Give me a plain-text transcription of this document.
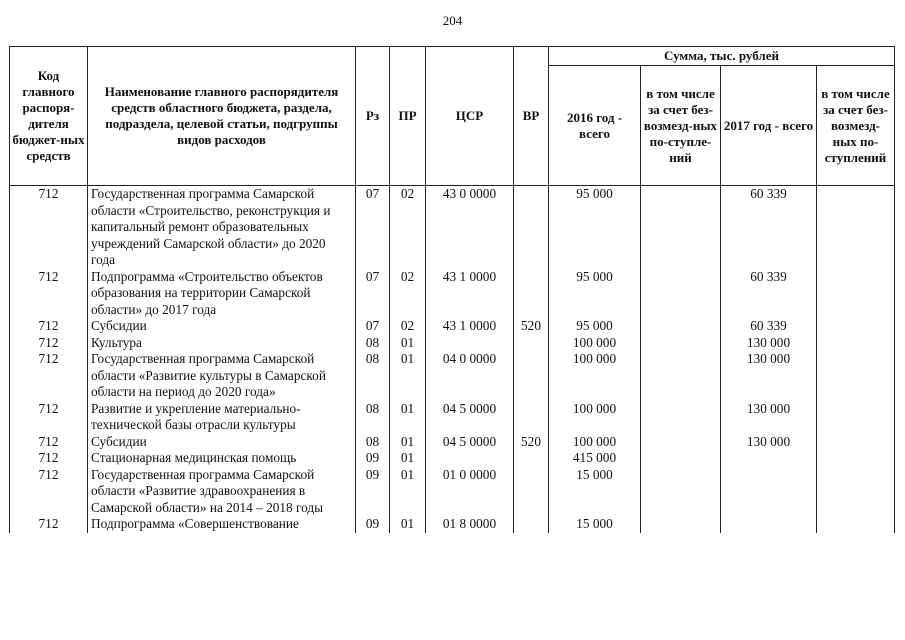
204
Код главного распоря-дителя бюджет-ных средств	Наименование главного распорядителя средств областного бюджета, раздела, подраздела, целевой статьи, подгруппы видов расходов	Рз	ПР	ЦСР	ВР	Сумма, тыс. рублей			
						2016 год - всего	в том числе за счет без-возмезд-ных по-ступле-ний	2017 год - всего	в том числе за счет без-возмезд-ных по-ступлений
712	Государственная программа Самарской области «Строительство, реконструкция и капитальный ремонт образовательных учреждений Самарской области» до 2020 года	07	02	43 0 0000		95 000		60 339	
712	Подпрограмма «Строительство объектов образования на территории Самарской области» до 2017 года	07	02	43 1 0000		95 000		60 339	
712	Субсидии	07	02	43 1 0000	520	95 000		60 339	
712	Культура	08	01			100 000		130 000	
712	Государственная программа Самарской области «Развитие культуры в Самарской области на период до 2020 года»	08	01	04 0 0000		100 000		130 000	
712	Развитие и укрепление материально-технической базы отрасли культуры	08	01	04 5 0000		100 000		130 000	
712	Субсидии	08	01	04 5 0000	520	100 000		130 000	
712	Стационарная медицинская помощь	09	01			415 000			
712	Государственная программа Самарской области «Развитие здравоохранения в Самарской области» на 2014 – 2018 годы	09	01	01 0 0000		15 000			
712	Подпрограмма «Совершенствование	09	01	01 8 0000		15 000			
